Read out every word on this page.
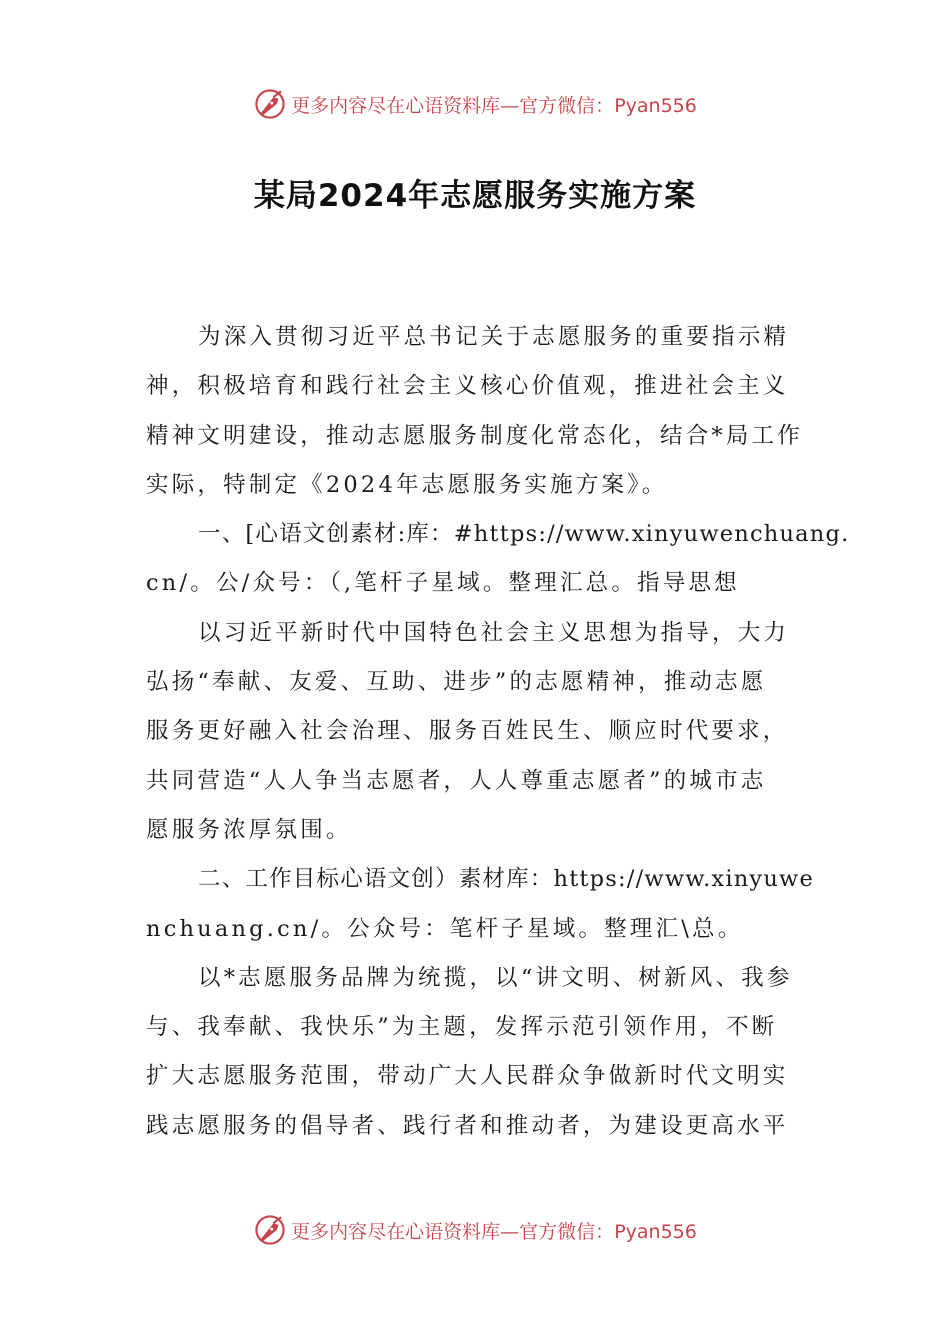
更多内容尽在心语资料库—官方微信：Pyan556
某局2024年志愿服务实施方案
为深入贯彻习近平总书记关于志愿服务的重要指示精
神，积极培育和践行社会主义核心价值观，推进社会主义
精神文明建设，推动志愿服务制度化常态化，结合*局工作
实际，特制定《2024年志愿服务实施方案》。
一、[心语文创素材:库：#https://www.xinyuwenchuang.
cn/。公/众号：（,笔杆子星域。整理汇总。指导思想
以习近平新时代中国特色社会主义思想为指导，大力
弘扬“奉献、友爱、互助、进步”的志愿精神，推动志愿
服务更好融入社会治理、服务百姓民生、顺应时代要求，
共同营造“人人争当志愿者，人人尊重志愿者”的城市志
愿服务浓厚氛围。
二、工作目标心语文创）素材库：https://www.xinyuwe
nchuang.cn/。公众号：笔杆子星域。整理汇\总。
以*志愿服务品牌为统揽，以“讲文明、树新风、我参
与、我奉献、我快乐”为主题，发挥示范引领作用，不断
扩大志愿服务范围，带动广大人民群众争做新时代文明实
践志愿服务的倡导者、践行者和推动者，为建设更高水平
更多内容尽在心语资料库—官方微信：Pyan556
